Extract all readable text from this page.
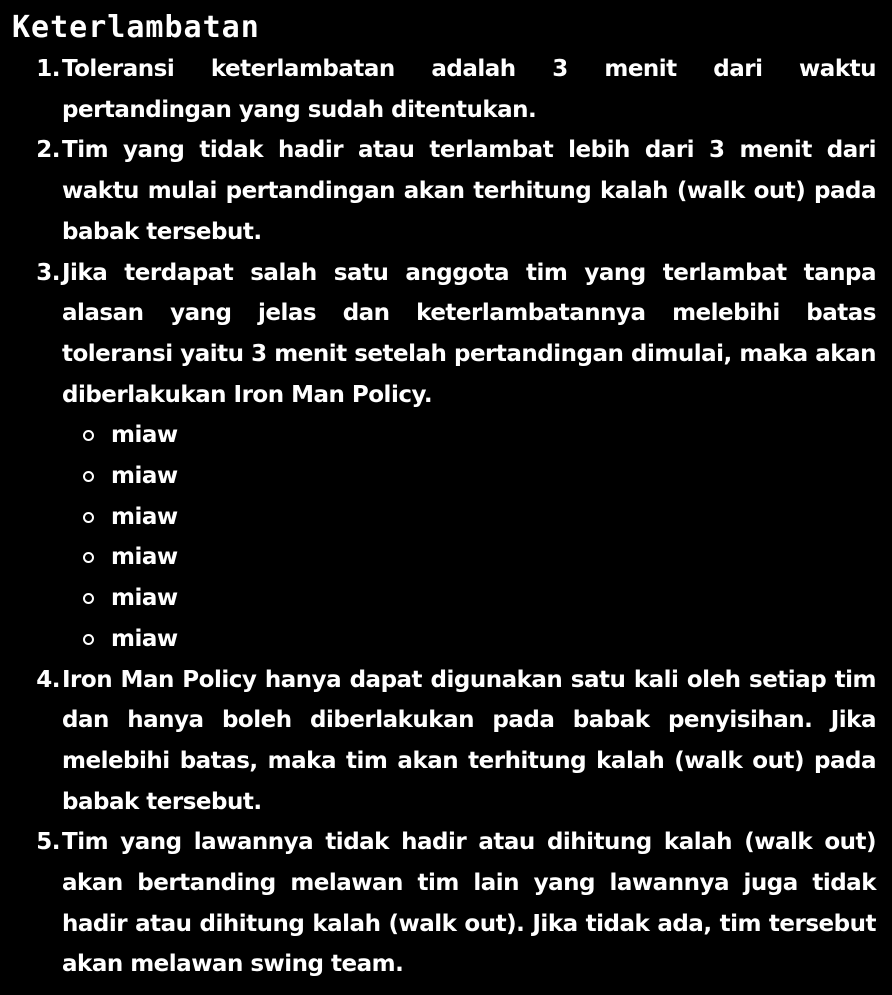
Keterlambatan
1. Toleransi keterlambatan adalah 3 menit dari waktu pertandingan yang sudah ditentukan.
2. Tim yang tidak hadir atau terlambat lebih dari 3 menit dari waktu mulai pertandingan akan terhitung kalah (walk out) pada babak tersebut.
3. Jika terdapat salah satu anggota tim yang terlambat tanpa alasan yang jelas dan keterlambatannya melebihi batas toleransi yaitu 3 menit setelah pertandingan dimulai, maka akan diberlakukan Iron Man Policy.
miaw
miaw
miaw
miaw
miaw
miaw
4. Iron Man Policy hanya dapat digunakan satu kali oleh setiap tim dan hanya boleh diberlakukan pada babak penyisihan. Jika melebihi batas, maka tim akan terhitung kalah (walk out) pada babak tersebut.
5. Tim yang lawannya tidak hadir atau dihitung kalah (walk out) akan bertanding melawan tim lain yang lawannya juga tidak hadir atau dihitung kalah (walk out). Jika tidak ada, tim tersebut akan melawan swing team.
